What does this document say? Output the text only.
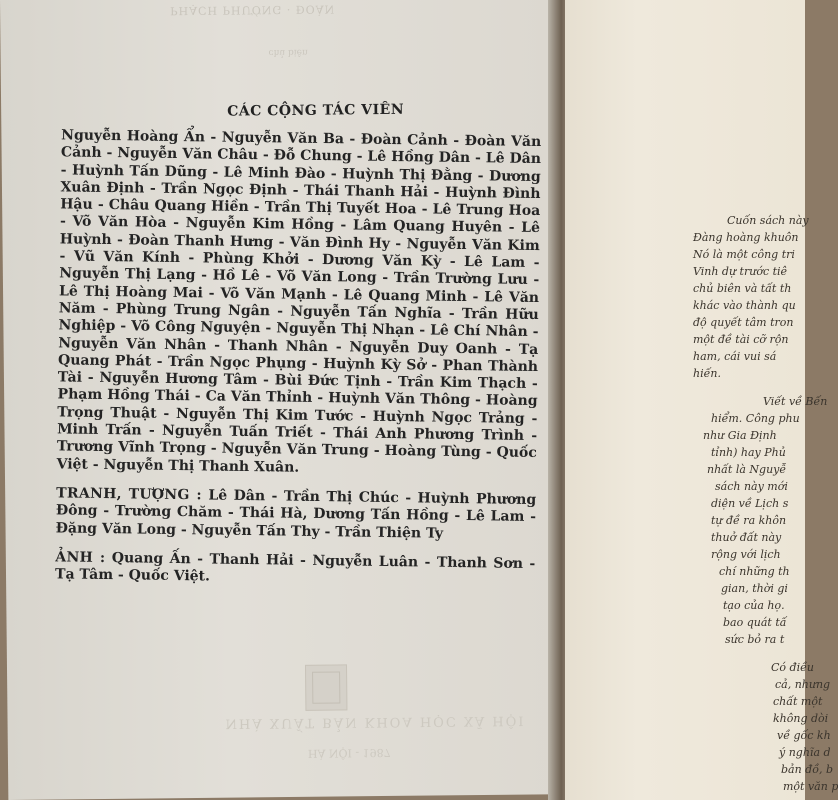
PHẠCH PHƯỚNG · ĐOÀN
chủ biên
CÁC CỘNG TÁC VIÊN

Nguyễn Hoàng Ẩn - Nguyễn Văn Ba - Đoàn Cảnh - Đoàn Văn Cảnh - Nguyễn Văn Châu - Đỗ Chung - Lê Hồng Dân - Lê Dân - Huỳnh Tấn Dũng - Lê Minh Đào - Huỳnh Thị Đằng - Dương Xuân Định - Trần Ngọc Định - Thái Thanh Hải - Huỳnh Đình Hậu - Châu Quang Hiền - Trần Thị Tuyết Hoa - Lê Trung Hoa - Võ Văn Hòa - Nguyễn Kim Hồng - Lâm Quang Huyên - Lê Huỳnh - Đoàn Thanh Hưng - Văn Đình Hy - Nguyễn Văn Kim - Vũ Văn Kính - Phùng Khởi - Dương Văn Kỳ - Lê Lam - Nguyễn Thị Lạng - Hồ Lê - Võ Văn Long - Trần Trường Lưu - Lê Thị Hoàng Mai - Võ Văn Mạnh - Lê Quang Minh - Lê Văn Năm - Phùng Trung Ngân - Nguyễn Tấn Nghĩa - Trần Hữu Nghiệp - Võ Công Nguyện - Nguyễn Thị Nhạn - Lê Chí Nhân - Nguyễn Văn Nhân - Thanh Nhân - Nguyễn Duy Oanh - Tạ Quang Phát - Trần Ngọc Phụng - Huỳnh Kỳ Sở - Phan Thành Tài - Nguyễn Hương Tâm - Bùi Đức Tịnh - Trần Kim Thạch - Phạm Hồng Thái - Ca Văn Thỉnh - Huỳnh Văn Thông - Hoàng Trọng Thuật - Nguyễn Thị Kim Tước - Huỳnh Ngọc Trảng - Minh Trấn - Nguyễn Tuấn Triết - Thái Anh Phương Trình - Trương Vĩnh Trọng - Nguyễn Văn Trung - Hoàng Tùng - Quốc Việt - Nguyễn Thị Thanh Xuân.

TRANH, TƯỢNG : Lê Dân - Trần Thị Chúc - Huỳnh Phương Đông - Trường Chăm - Thái Hà, Dương Tấn Hồng - Lê Lam - Đặng Văn Long - Nguyễn Tấn Thy - Trần Thiện Ty

ẢNH : Quang Ấn - Thanh Hải - Nguyễn Luân - Thanh Sơn - Tạ Tâm - Quốc Việt.

NHÀ XUẤT BẢN KHOA HỌC XÃ HỘI
HÀ NỘI - 1987
Cuốn sách này
Đàng hoàng khuôn
Nó là một công tri
Vinh dự trước tiê
chủ biên và tất th
khác vào thành qu
độ quyết tâm tron
một đề tài cỡ rộn
ham, cái vui sá
hiến.
Viết về Bến
hiểm. Công phu
như Gia Định
tỉnh) hay Phủ
nhất là Nguyễ
sách này mới
diện về Lịch s
tự đề ra khôn
thuở đất này
rộng với lịch
chí những th
gian, thời gi
tạo của họ.
bao quát tấ
sức bỏ ra t
Có điều
cả, nhưng
chất một
không dòi
về gốc kh
ý nghĩa d
bản đồ, b
một văn p
